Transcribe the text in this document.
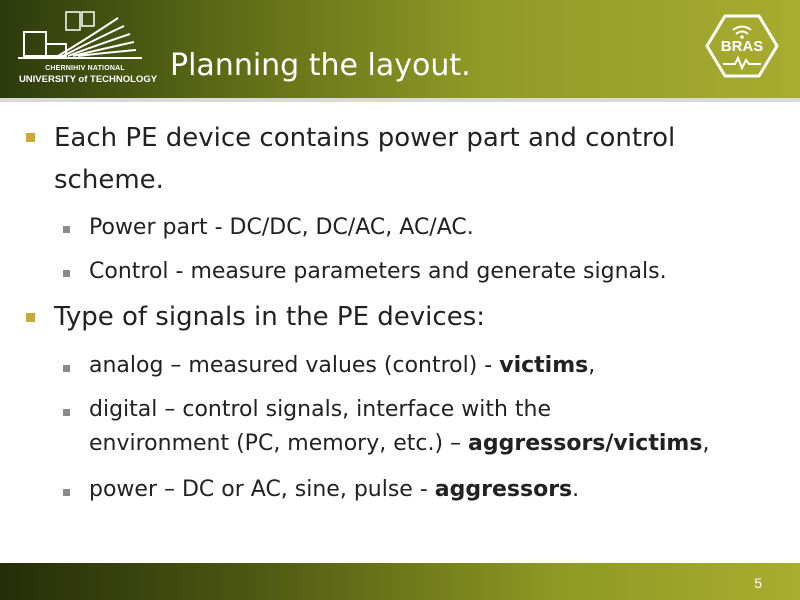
CHERNIHIV NATIONAL
UNIVERSITY of TECHNOLOGY Planning the layout.
BRAS
Each PE device contains power part and control
scheme.
Power part - DC/DC, DC/AC, AC/AC.
Control - measure parameters and generate signals.
Type of signals in the PE devices:
analog – measured values (control) - victims,
digital – control signals, interface with the
environment (PC, memory, etc.) – aggressors/victims,
power – DC or AC, sine, pulse - aggressors.
5
